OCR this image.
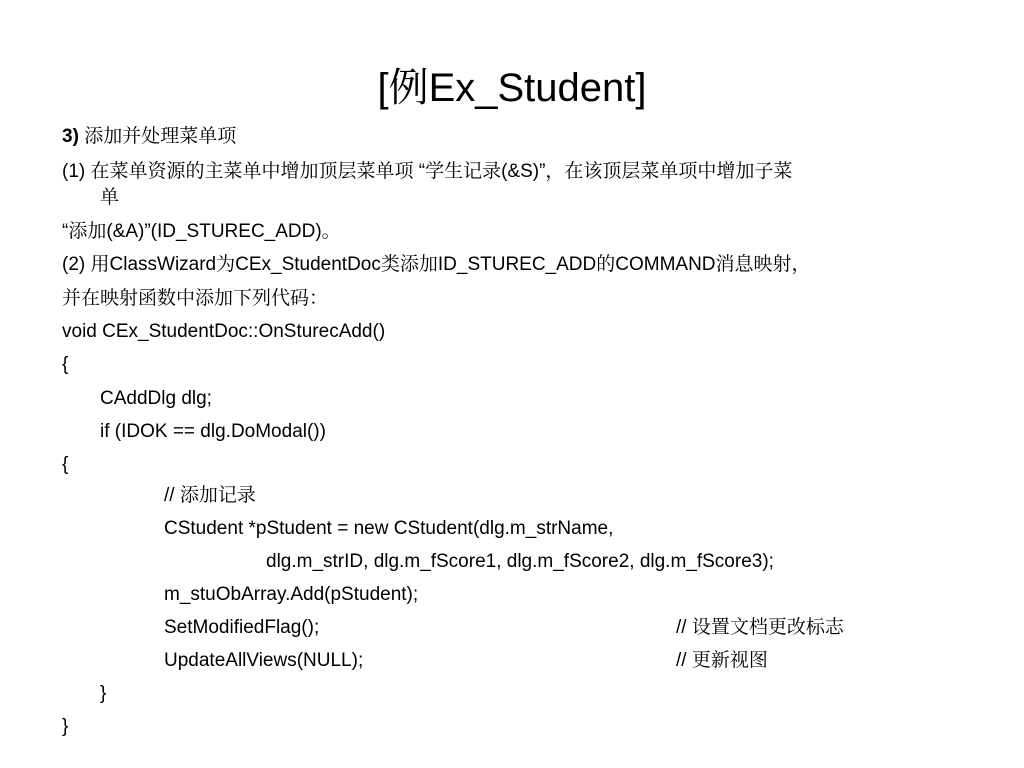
[例Ex_Student]
3) 添加并处理菜单项
(1) 在菜单资源的主菜单中增加顶层菜单项 “学生记录(&S)”，在该顶层菜单项中增加子菜
单
“添加(&A)”(ID_STUREC_ADD)。
(2) 用ClassWizard为CEx_StudentDoc类添加ID_STUREC_ADD的COMMAND消息映射，
并在映射函数中添加下列代码：
void CEx_StudentDoc::OnSturecAdd()
{
CAddDlg dlg;
if (IDOK == dlg.DoModal())
{
// 添加记录
CStudent *pStudent = new CStudent(dlg.m_strName,
dlg.m_strID, dlg.m_fScore1, dlg.m_fScore2, dlg.m_fScore3);
m_stuObArray.Add(pStudent);
SetModifiedFlag();	// 设置文档更改标志
UpdateAllViews(NULL);	// 更新视图
}
}
